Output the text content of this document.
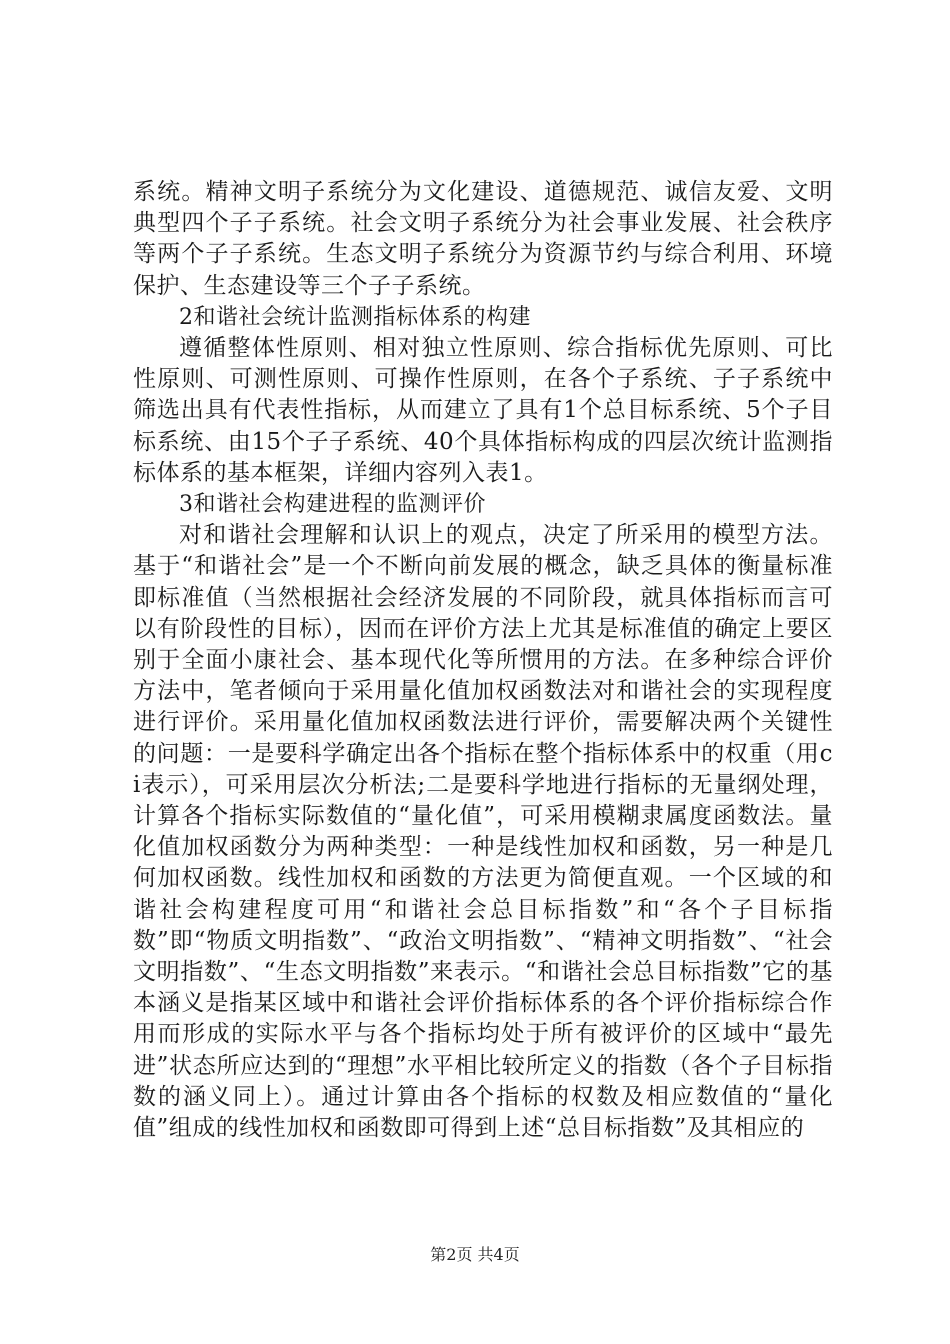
系统。精神文明子系统分为文化建设、道德规范、诚信友爱、文明典型四个子子系统。社会文明子系统分为社会事业发展、社会秩序等两个子子系统。生态文明子系统分为资源节约与综合利用、环境保护、生态建设等三个子子系统。

2和谐社会统计监测指标体系的构建

遵循整体性原则、相对独立性原则、综合指标优先原则、可比性原则、可测性原则、可操作性原则，在各个子系统、子子系统中筛选出具有代表性指标，从而建立了具有1个总目标系统、5个子目标系统、由15个子子系统、40个具体指标构成的四层次统计监测指标体系的基本框架，详细内容列入表1。

3和谐社会构建进程的监测评价

对和谐社会理解和认识上的观点，决定了所采用的模型方法。基于“和谐社会”是一个不断向前发展的概念，缺乏具体的衡量标准即标准值（当然根据社会经济发展的不同阶段，就具体指标而言可以有阶段性的目标），因而在评价方法上尤其是标准值的确定上要区别于全面小康社会、基本现代化等所惯用的方法。在多种综合评价方法中，笔者倾向于采用量化值加权函数法对和谐社会的实现程度进行评价。采用量化值加权函数法进行评价，需要解决两个关键性的问题：一是要科学确定出各个指标在整个指标体系中的权重（用ci表示），可采用层次分析法;二是要科学地进行指标的无量纲处理，计算各个指标实际数值的“量化值”，可采用模糊隶属度函数法。量化值加权函数分为两种类型：一种是线性加权和函数，另一种是几何加权函数。线性加权和函数的方法更为简便直观。一个区域的和谐社会构建程度可用“和谐社会总目标指数”和“各个子目标指数”即“物质文明指数”、“政治文明指数”、“精神文明指数”、“社会文明指数”、“生态文明指数”来表示。“和谐社会总目标指数”它的基本涵义是指某区域中和谐社会评价指标体系的各个评价指标综合作用而形成的实际水平与各个指标均处于所有被评价的区域中“最先进”状态所应达到的“理想”水平相比较所定义的指数（各个子目标指数的涵义同上）。通过计算由各个指标的权数及相应数值的“量化值”组成的线性加权和函数即可得到上述“总目标指数”及其相应的

第2页 共4页
